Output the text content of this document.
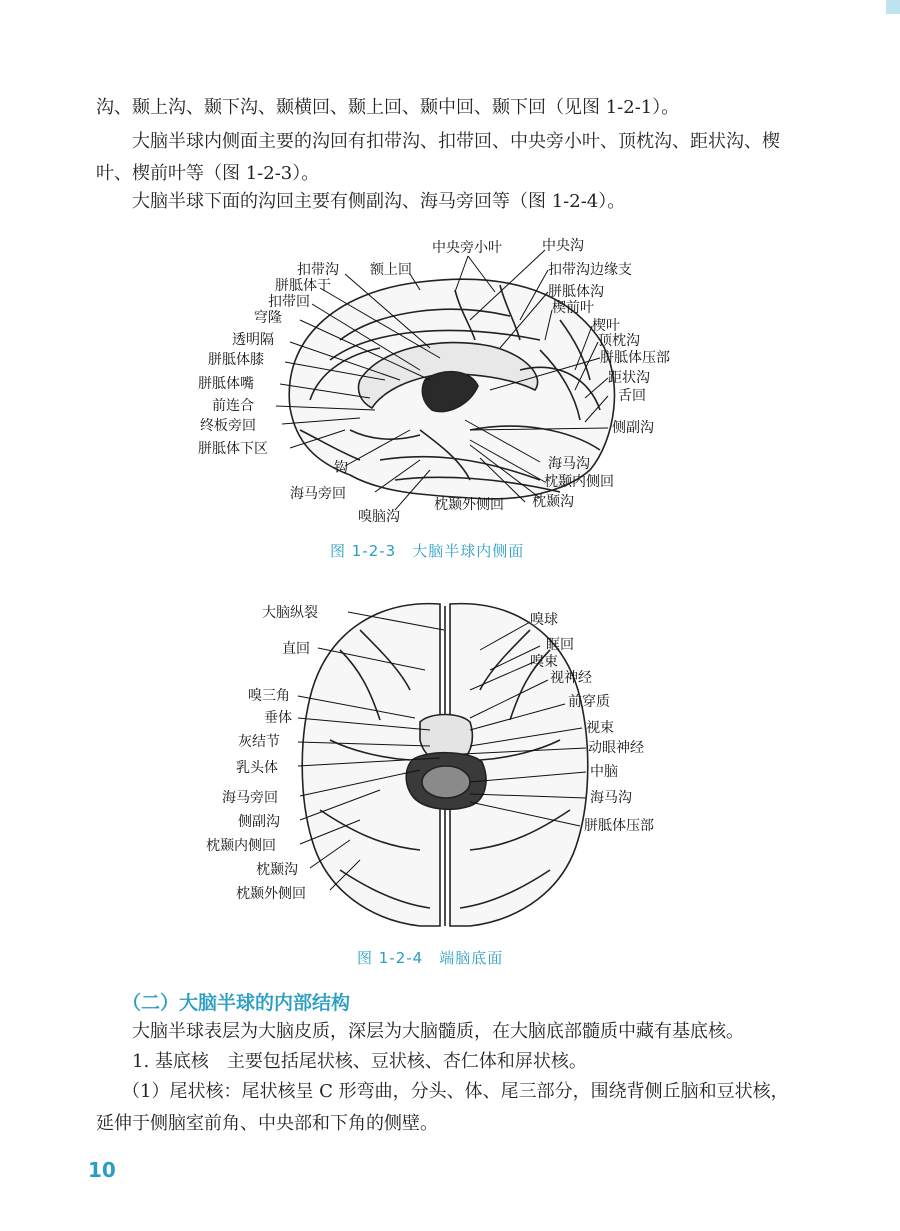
沟、颞上沟、颞下沟、颞横回、颞上回、颞中回、颞下回（见图 1-2-1）。

大脑半球内侧面主要的沟回有扣带沟、扣带回、中央旁小叶、顶枕沟、距状沟、楔叶、楔前叶等（图 1-2-3）。

大脑半球下面的沟回主要有侧副沟、海马旁回等（图 1-2-4）。

扣带沟 额上回
中央旁小叶	中央沟
胼胝体干
扣带回
穹隆
透明隔
胼胝体膝
胼胝体嘴
前连合
终板旁回
胼胝体下区
钩
海马旁回
嗅脑沟
扣带沟边缘支
胼胝体沟
楔前叶
楔叶
顶枕沟
胼胝体压部
距状沟
舌回
侧副沟
海马沟
枕颞内侧回
枕颞外侧回 枕颞沟
图 1-2-3　大脑半球内侧面
大脑纵裂
直回
嗅三角
垂体
灰结节
乳头体
海马旁回
侧副沟
枕颞内侧回
枕颞沟
枕颞外侧回
嗅球
眶回
嗅束
视神经
前穿质
视束
动眼神经
中脑
海马沟
胼胝体压部
图 1-2-4　端脑底面
（二）大脑半球的内部结构

大脑半球表层为大脑皮质，深层为大脑髓质，在大脑底部髓质中藏有基底核。

1. 基底核　主要包括尾状核、豆状核、杏仁体和屏状核。

（1）尾状核：尾状核呈 C 形弯曲，分头、体、尾三部分，围绕背侧丘脑和豆状核，延伸于侧脑室前角、中央部和下角的侧壁。

10
